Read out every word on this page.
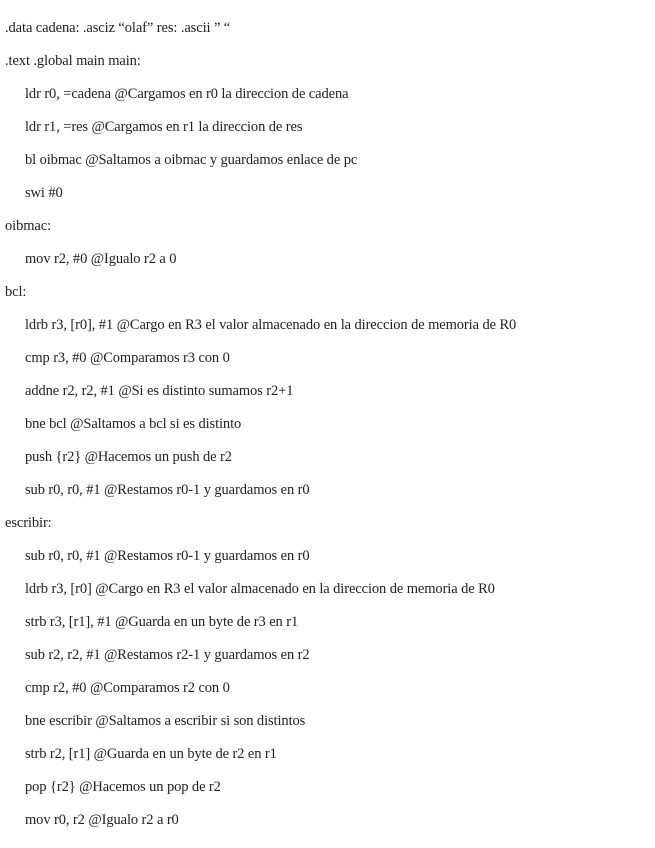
.data cadena: .asciz “olaf” res: .ascii ” “
.text .global main main:
ldr r0, =cadena @Cargamos en r0 la direccion de cadena
ldr r1, =res @Cargamos en r1 la direccion de res
bl oibmac @Saltamos a oibmac y guardamos enlace de pc
swi #0
oibmac:
mov r2, #0 @Igualo r2 a 0
bcl:
ldrb r3, [r0], #1 @Cargo en R3 el valor almacenado en la direccion de memoria de R0
cmp r3, #0 @Comparamos r3 con 0
addne r2, r2, #1 @Si es distinto sumamos r2+1
bne bcl @Saltamos a bcl si es distinto
push {r2} @Hacemos un push de r2
sub r0, r0, #1 @Restamos r0-1 y guardamos en r0
escribir:
sub r0, r0, #1 @Restamos r0-1 y guardamos en r0
ldrb r3, [r0] @Cargo en R3 el valor almacenado en la direccion de memoria de R0
strb r3, [r1], #1 @Guarda en un byte de r3 en r1
sub r2, r2, #1 @Restamos r2-1 y guardamos en r2
cmp r2, #0 @Comparamos r2 con 0
bne escribir @Saltamos a escribir si son distintos
strb r2, [r1] @Guarda en un byte de r2 en r1
pop {r2} @Hacemos un pop de r2
mov r0, r2 @Igualo r2 a r0
